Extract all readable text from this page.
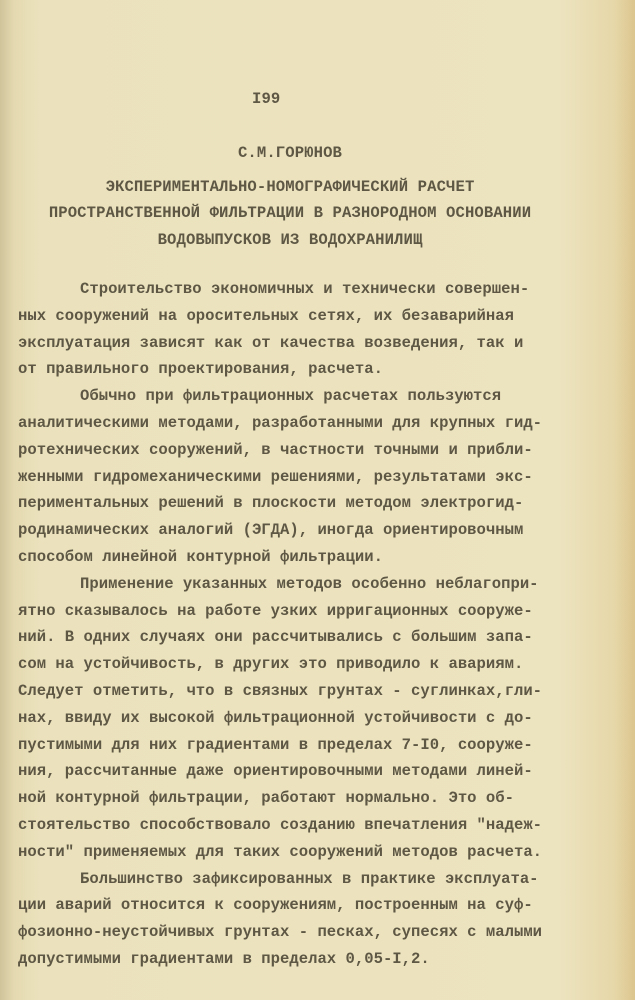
I99
С.М.ГОРЮНОВ
ЭКСПЕРИМЕНТАЛЬНО-НОМОГРАФИЧЕСКИЙ РАСЧЕТ
ПРОСТРАНСТВЕННОЙ ФИЛЬТРАЦИИ В РАЗНОРОДНОМ ОСНОВАНИИ
ВОДОВЫПУСКОВ ИЗ ВОДОХРАНИЛИЩ
Строительство экономичных и технически совершен-
ных сооружений на оросительных сетях, их безаварийная
эксплуатация зависят как от качества возведения, так и
от правильного проектирования, расчета.
Обычно при фильтрационных расчетах пользуются
аналитическими методами, разработанными для крупных гид-
ротехнических сооружений, в частности точными и прибли-
женными гидромеханическими решениями, результатами экс-
периментальных решений в плоскости методом электрогид-
родинамических аналогий (ЭГДА), иногда ориентировочным
способом линейной контурной фильтрации.
Применение указанных методов особенно неблагопри-
ятно сказывалось на работе узких ирригационных сооруже-
ний. В одних случаях они рассчитывались с большим запа-
сом на устойчивость, в других это приводило к авариям.
Следует отметить, что в связных грунтах - суглинках,гли-
нах, ввиду их высокой фильтрационной устойчивости с до-
пустимыми для них градиентами в пределах 7-I0, сооруже-
ния, рассчитанные даже ориентировочными методами линей-
ной контурной фильтрации, работают нормально. Это об-
стоятельство способствовало созданию впечатления "надеж-
ности" применяемых для таких сооружений методов расчета.
Большинство зафиксированных в практике эксплуата-
ции аварий относится к сооружениям, построенным на суф-
фозионно-неустойчивых грунтах - песках, супесях с малыми
допустимыми градиентами в пределах 0,05-I,2.
